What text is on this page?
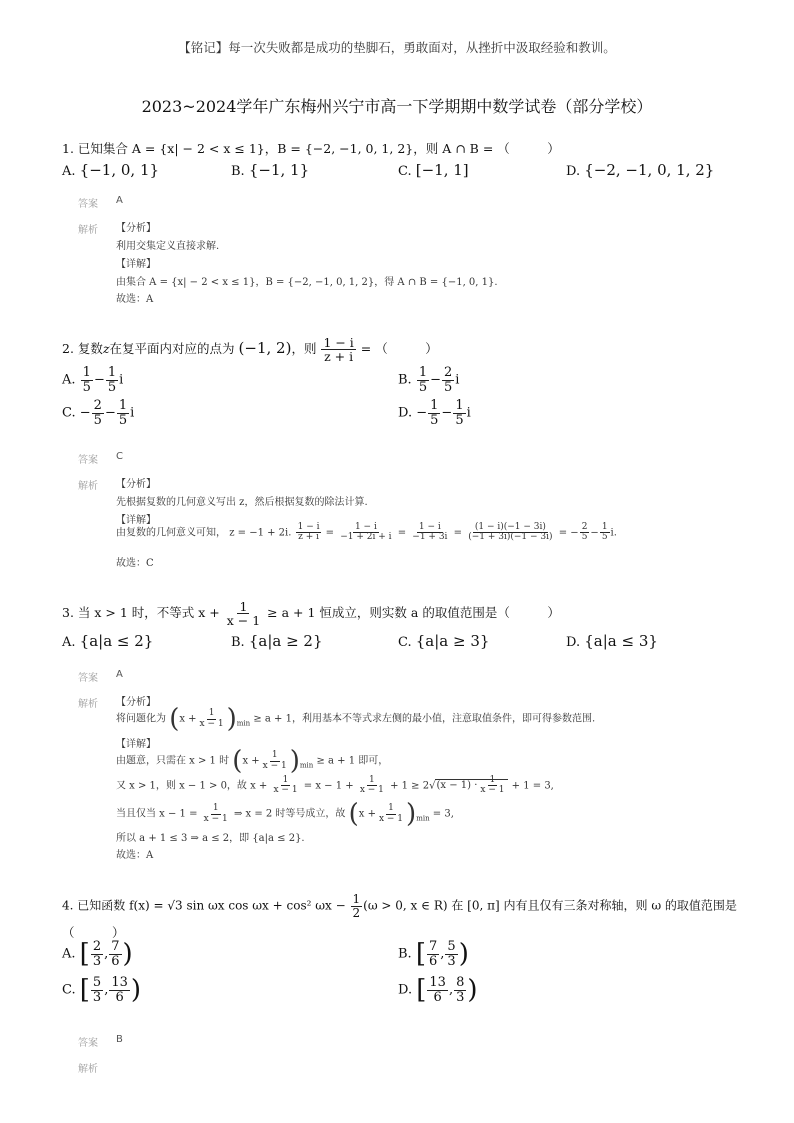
【铭记】每一次失败都是成功的垫脚石，勇敢面对，从挫折中汲取经验和教训。
2023~2024学年广东梅州兴宁市高一下学期期中数学试卷（部分学校）
1. 已知集合 A = {x| − 2 < x ≤ 1}，B = {−2, −1, 0, 1, 2}，则 A ∩ B = （　　　）
A. {−1, 0, 1}	B. {−1, 1}	C. [−1, 1]	D. {−2, −1, 0, 1, 2}
答案 A
解析 【分析】
利用交集定义直接求解.
【详解】
由集合 A = {x| − 2 < x ≤ 1}，B = {−2, −1, 0, 1, 2}，得 A ∩ B = {−1, 0, 1}.
故选：A
2. 复数z在复平面内对应的点为 (−1, 2)，则 $\frac{1 - i}{z + i}$ = （　　　）
A. $\frac{1}{5} - \frac{1}{5}$ i	B. $\frac{1}{5} - \frac{2}{5}$ i
C. − $\frac{2}{5} - \frac{1}{5}$ i	D. − $\frac{1}{5} - \frac{1}{5}$ i
答案 C
解析 【分析】
先根据复数的几何意义写出 z，然后根据复数的除法计算.
【详解】
由复数的几何意义可知， z = −1 + 2i. $\frac{1 - i}{z + i} = \frac{1 - i}{-1 + 2i + i} = \frac{1 - i}{-1 + 3i} = \frac{(1 - i)(-1 - 3i)}{(-1 + 3i)(-1 - 3i)}$ = − $\frac{2}{5} - \frac{1}{5} i$.
故选：C
3. 当 x > 1 时，不等式 $x + \frac{1}{x - 1} \ge a + 1$ 恒成立，则实数 a 的取值范围是（　　　）
A. {a|a ≤ 2}	B. {a|a ≥ 2}	C. {a|a ≥ 3}	D. {a|a ≤ 3}
答案 A
解析 【分析】
将问题化为 $(x + \frac{1}{x - 1} )_{min} \ge a + 1$，利用基本不等式求左侧的最小值，注意取值条件，即可得参数范围.
【详解】
由题意，只需在 x > 1 时 $(x + \frac{1}{x - 1} )_{min} \ge a + 1$ 即可，
又 x > 1，则 x − 1 > 0，故 $x + \frac{1}{x - 1} = x - 1 + \frac{1}{x - 1} + 1 \ge 2√(x - 1) \cdot \frac{1}{x - 1} + 1 = 3$,
当且仅当 $x - 1 = \frac{1}{x - 1}$ ⇒ x = 2 时等号成立，故 $(x + \frac{1}{x - 1} )_{min} = 3$,
所以 a + 1 ≤ 3 ⇒ a ≤ 2，即 {a|a ≤ 2}.
故选：A
4. 已知函数 f(x) = √3 sin ωx cos ωx + cos² $\omega x - \frac{1}{2} (\omega > 0$, x ∈ R) 在 [0, π] 内有且仅有三条对称轴，则 ω 的取值范围是
（　　　）
A. [ $\frac{2}{3}$ , $\frac{7}{6}$ )	B. [ $\frac{7}{6}$ , $\frac{5}{3}$ )
C. [ $\frac{5}{3}$ , $\frac{13}{6}$ )	D. [ $\frac{13}{6}$ , $\frac{8}{3}$ )
答案 B
解析
